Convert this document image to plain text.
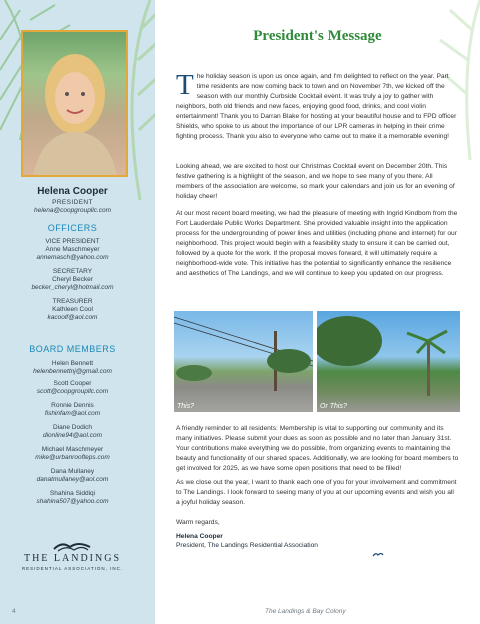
Helena Cooper
PRESIDENT
helena@coopgroupllc.com
OFFICERS
VICE PRESIDENT
Anne Maschmeyer
annemasch@yahoo.com
SECRETARY
Cheryl Becker
becker_cheryl@hotmail.com
TREASURER
Kathleen Cool
kacoolf@aol.com
BOARD MEMBERS
Helen Bennett
helenbennettnj@gmail.com
Scott Cooper
scott@coopgroupllc.com
Ronnie Dennis
fishinfam@aol.com
Diane Dodich
dionline94@aol.com
Michael Maschmeyer
mike@urbanroofteps.com
Dana Mullaney
danatmullaney@aol.com
Shahina Siddiqi
shahina507@yahoo.com
THE LANDINGS
RESIDENTIAL ASSOCIATION, INC.
4
President's Message
The Landings & Bay Colony

T he holiday season is upon us once again, and I'm delighted to reflect on the year. Part time residents are now coming back to town and on November 7th, we kicked off the season with our monthly Curbside Cocktail event. It was truly a joy to gather with neighbors, both old friends and new faces, enjoying good food, drinks, and cool violin entertainment! Thank you to Darran Blake for hosting at your beautiful house and to FPD officer Shields, who spoke to us about the importance of our LPR cameras in helping in their crime fighting process. Thank you also to everyone who came out to make it a memorable evening!

Looking ahead, we are excited to host our Christmas Cocktail event on December 20th. This festive gathering is a highlight of the season, and we hope to see many of you there. All members of the association are welcome, so mark your calendars and join us for an evening of holiday cheer!

At our most recent board meeting, we had the pleasure of meeting with Ingrid Kindbom from the Fort Lauderdale Public Works Department. She provided valuable insight into the application process for the undergrounding of power lines and utilities (including phone and internet) for our neighborhood. This project would begin with a feasibility study to ensure it can be carried out, followed by a quote for the work. If the proposal moves forward, it will ultimately require a neighborhood-wide vote. This initiative has the potential to significantly enhance the resilience and aesthetics of The Landings, and we will continue to keep you updated on our progress.

This?	Or This?

A friendly reminder to all residents: Membership is vital to supporting our community and its many initiatives. Please submit your dues as soon as possible and no later than January 31st. Your contributions make everything we do possible, from organizing events to maintaining the beauty and functionality of our shared spaces. Additionally, we are looking for board members to get involved for 2025, as we have some open positions that need to be filled!

As we close out the year, I want to thank each one of you for your involvement and commitment to The Landings. I look forward to seeing many of you at our upcoming events and wish you all a joyful holiday season.

Warm regards,

Helena Cooper

President, The Landings Residential Association
